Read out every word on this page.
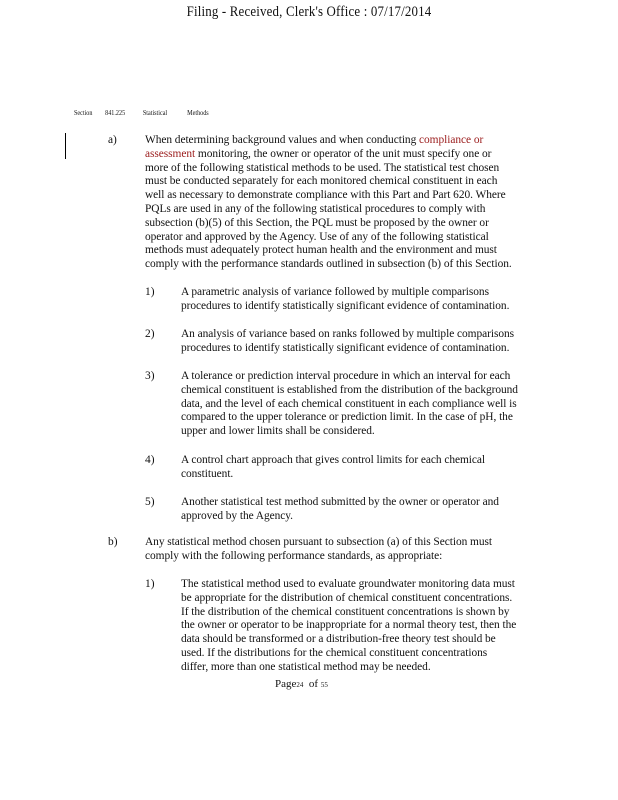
Filing - Received, Clerk's Office : 07/17/2014
Section 841.225 Statistical	Methods
a) When determining background values and when conducting compliance or
assessment monitoring, the owner or operator of the unit must specify one or
more of the following statistical methods to be used. The statistical test chosen
must be conducted separately for each monitored chemical constituent in each
well as necessary to demonstrate compliance with this Part and Part 620. Where
PQLs are used in any of the following statistical procedures to comply with
subsection (b)(5) of this Section, the PQL must be proposed by the owner or
operator and approved by the Agency. Use of any of the following statistical
methods must adequately protect human health and the environment and must
comply with the performance standards outlined in subsection (b) of this Section.
1) A parametric analysis of variance followed by multiple comparisons
procedures to identify statistically significant evidence of contamination.
2) An analysis of variance based on ranks followed by multiple comparisons
procedures to identify statistically significant evidence of contamination.
3) A tolerance or prediction interval procedure in which an interval for each
chemical constituent is established from the distribution of the background
data, and the level of each chemical constituent in each compliance well is
compared to the upper tolerance or prediction limit. In the case of pH, the
upper and lower limits shall be considered.
4) A control chart approach that gives control limits for each chemical
constituent.
5) Another statistical test method submitted by the owner or operator and
approved by the Agency.
b) Any statistical method chosen pursuant to subsection (a) of this Section must
comply with the following performance standards, as appropriate:
1) The statistical method used to evaluate groundwater monitoring data must
be appropriate for the distribution of chemical constituent concentrations.
If the distribution of the chemical constituent concentrations is shown by
the owner or operator to be inappropriate for a normal theory test, then the
data should be transformed or a distribution-free theory test should be
used. If the distributions for the chemical constituent concentrations
differ, more than one statistical method may be needed.
Page24 of 55
